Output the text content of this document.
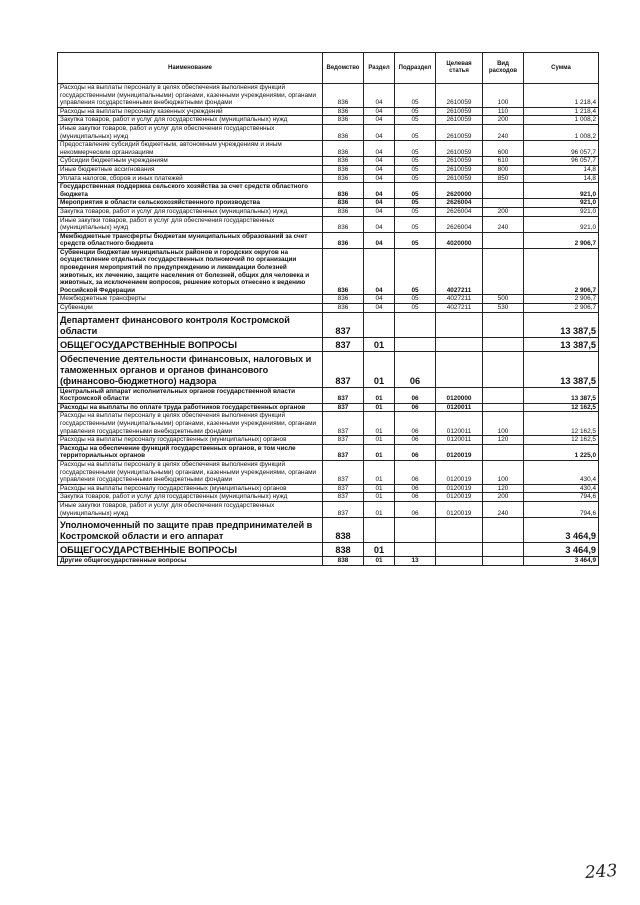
Наименование	Ведомство	Раздел	Подраздел	Целевая статья	Вид расходов	Сумма
Расходы на выплаты персоналу в целях обеспечения выполнения функций государственными (муниципальными) органами, казенными учреждениями, органами управления государственными внебюджетными фондами	836	04	05	2610059	100	1 218,4
Расходы на выплаты персоналу казенных учреждений	836	04	05	2610059	110	1 218,4
Закупка товаров, работ и услуг для государственных (муниципальных) нужд	836	04	05	2610059	200	1 008,2
Иные закупки товаров, работ и услуг для обеспечения государственных (муниципальных) нужд	836	04	05	2610059	240	1 008,2
Предоставление субсидий бюджетным, автономным учреждениям и иным некоммерческим организациям	836	04	05	2610059	600	96 057,7
Субсидии бюджетным учреждениям	836	04	05	2610059	610	96 057,7
Иные бюджетные ассигнования	836	04	05	2610059	800	14,8
Уплата налогов, сборов и иных платежей	836	04	05	2610059	850	14,8
Государственная поддержка сельского хозяйства за счет средств областного бюджета	836	04	05	2620000		921,0
Мероприятия в области сельскохозяйственного производства	836	04	05	2626004		921,0
Закупка товаров, работ и услуг для государственных (муниципальных) нужд	836	04	05	2626004	200	921,0
Иные закупки товаров, работ и услуг для обеспечения государственных (муниципальных) нужд	836	04	05	2626004	240	921,0
Межбюджетные трансферты бюджетам муниципальных образований за счет средств областного бюджета	836	04	05	4020000		2 906,7
Субвенции бюджетам муниципальных районов и городских округов на осуществление отдельных государственных полномочий по организации проведения мероприятий по предупреждению и ликвидации болезней животных, их лечению, защите населения от болезней, общих для человека и животных, за исключением вопросов, решение которых отнесено к ведению Российской Федерации	836	04	05	4027211		2 906,7
Межбюджетные трансферты	836	04	05	4027211	500	2 906,7
Субвенции	836	04	05	4027211	530	2 906,7
Департамент финансового контроля Костромской области	837					13 387,5
ОБЩЕГОСУДАРСТВЕННЫЕ ВОПРОСЫ	837	01				13 387,5
Обеспечение деятельности финансовых, налоговых и таможенных органов и органов финансового (финансово-бюджетного) надзора	837	01	06			13 387,5
Центральный аппарат исполнительных органов государственной власти Костромской области	837	01	06	0120000		13 387,5
Расходы на выплаты по оплате труда работников государственных органов	837	01	06	0120011		12 162,5
Расходы на выплаты персоналу в целях обеспечения выполнения функций государственными (муниципальными) органами, казенными учреждениями, органами управления государственными внебюджетными фондами	837	01	06	0120011	100	12 162,5
Расходы на выплаты персоналу государственных (муниципальных) органов	837	01	06	0120011	120	12 162,5
Расходы на обеспечение функций государственных органов, в том числе территориальных органов	837	01	06	0120019		1 225,0
Расходы на выплаты персоналу в целях обеспечения выполнения функций государственными (муниципальными) органами, казенными учреждениями, органами управления государственными внебюджетными фондами	837	01	06	0120019	100	430,4
Расходы на выплаты персоналу государственных (муниципальных) органов	837	01	06	0120019	120	430,4
Закупка товаров, работ и услуг для государственных (муниципальных) нужд	837	01	06	0120019	200	794,6
Иные закупки товаров, работ и услуг для обеспечения государственных (муниципальных) нужд	837	01	06	0120019	240	794,6
Уполномоченный по защите прав предпринимателей в Костромской области и его аппарат	838					3 464,9
ОБЩЕГОСУДАРСТВЕННЫЕ ВОПРОСЫ	838	01				3 464,9
Другие общегосударственные вопросы	838	01	13			3 464,9
243
